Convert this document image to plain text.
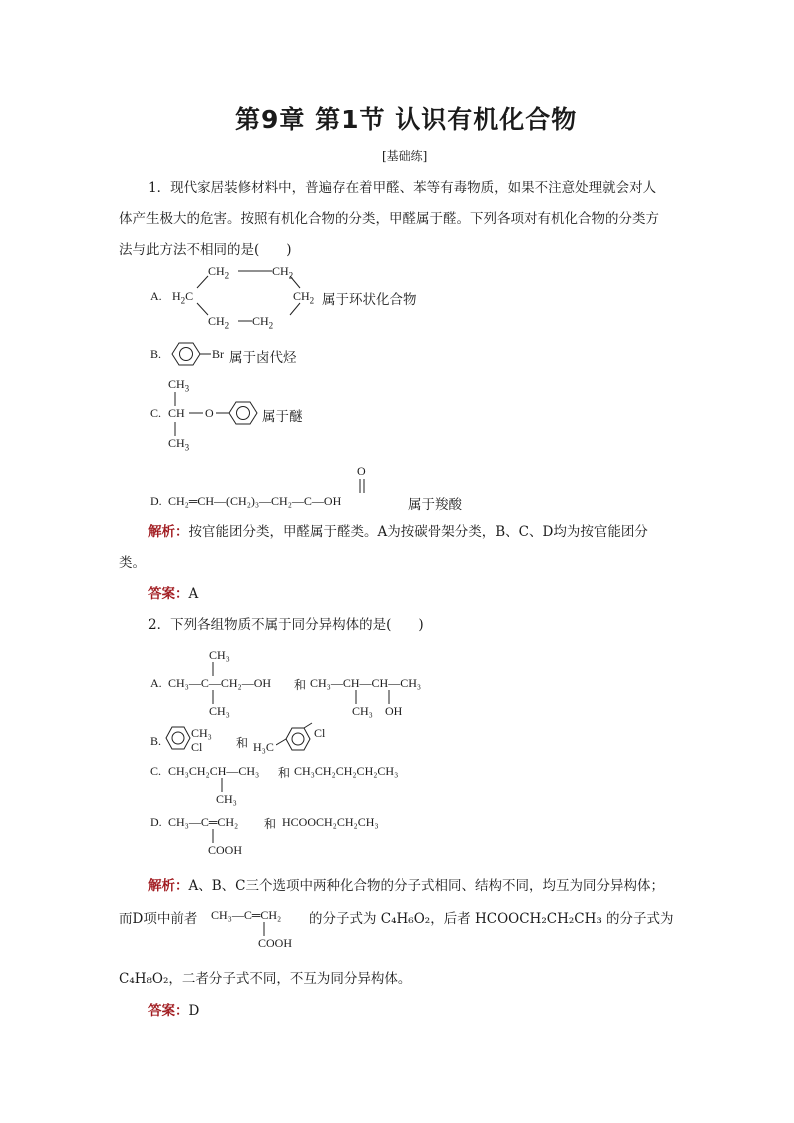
第9章 第1节 认识有机化合物
[基础练]
1．现代家居装修材料中，普遍存在着甲醛、苯等有毒物质，如果不注意处理就会对人
体产生极大的危害。按照有机化合物的分类，甲醛属于醛。下列各项对有机化合物的分类方
法与此方法不相同的是(　　)
A.
$CH_2$	$CH_2$
$H_2C$	$CH_2$
$CH_2$ $CH_2$
属于环状化合物
B.	Br 属于卤代烃
$CH_3$
C. CH O
$CH_3$
属于醚
O
D. CH₂═CH—(CH₂)₃—CH₂—C—OH	属于羧酸
解析：按官能团分类，甲醛属于醛类。A为按碳骨架分类，B、C、D均为按官能团分
类。
答案：A
2．下列各组物质不属于同分异构体的是(　　)
CH₃
A. CH₃—C—CH₂—OH 和 CH₃—CH—CH—CH₃
CH₃	CH₃ OH
B.
CH₃
Cl	和 H₃C
Cl
C. CH₃CH₂CH—CH₃ 和 CH₃CH₂CH₂CH₂CH₃
CH₃
D. CH₃—C═CH₂ 和 HCOOCH₂CH₂CH₃
COOH
解析：A、B、C三个选项中两种化合物的分子式相同、结构不同，均互为同分异构体；
而D项中前者 CH₃—C═CH₂ 的分子式为 C₄H₆O₂，后者 HCOOCH₂CH₂CH₃ 的分子式为
COOH
C₄H₈O₂，二者分子式不同，不互为同分异构体。
答案：D
